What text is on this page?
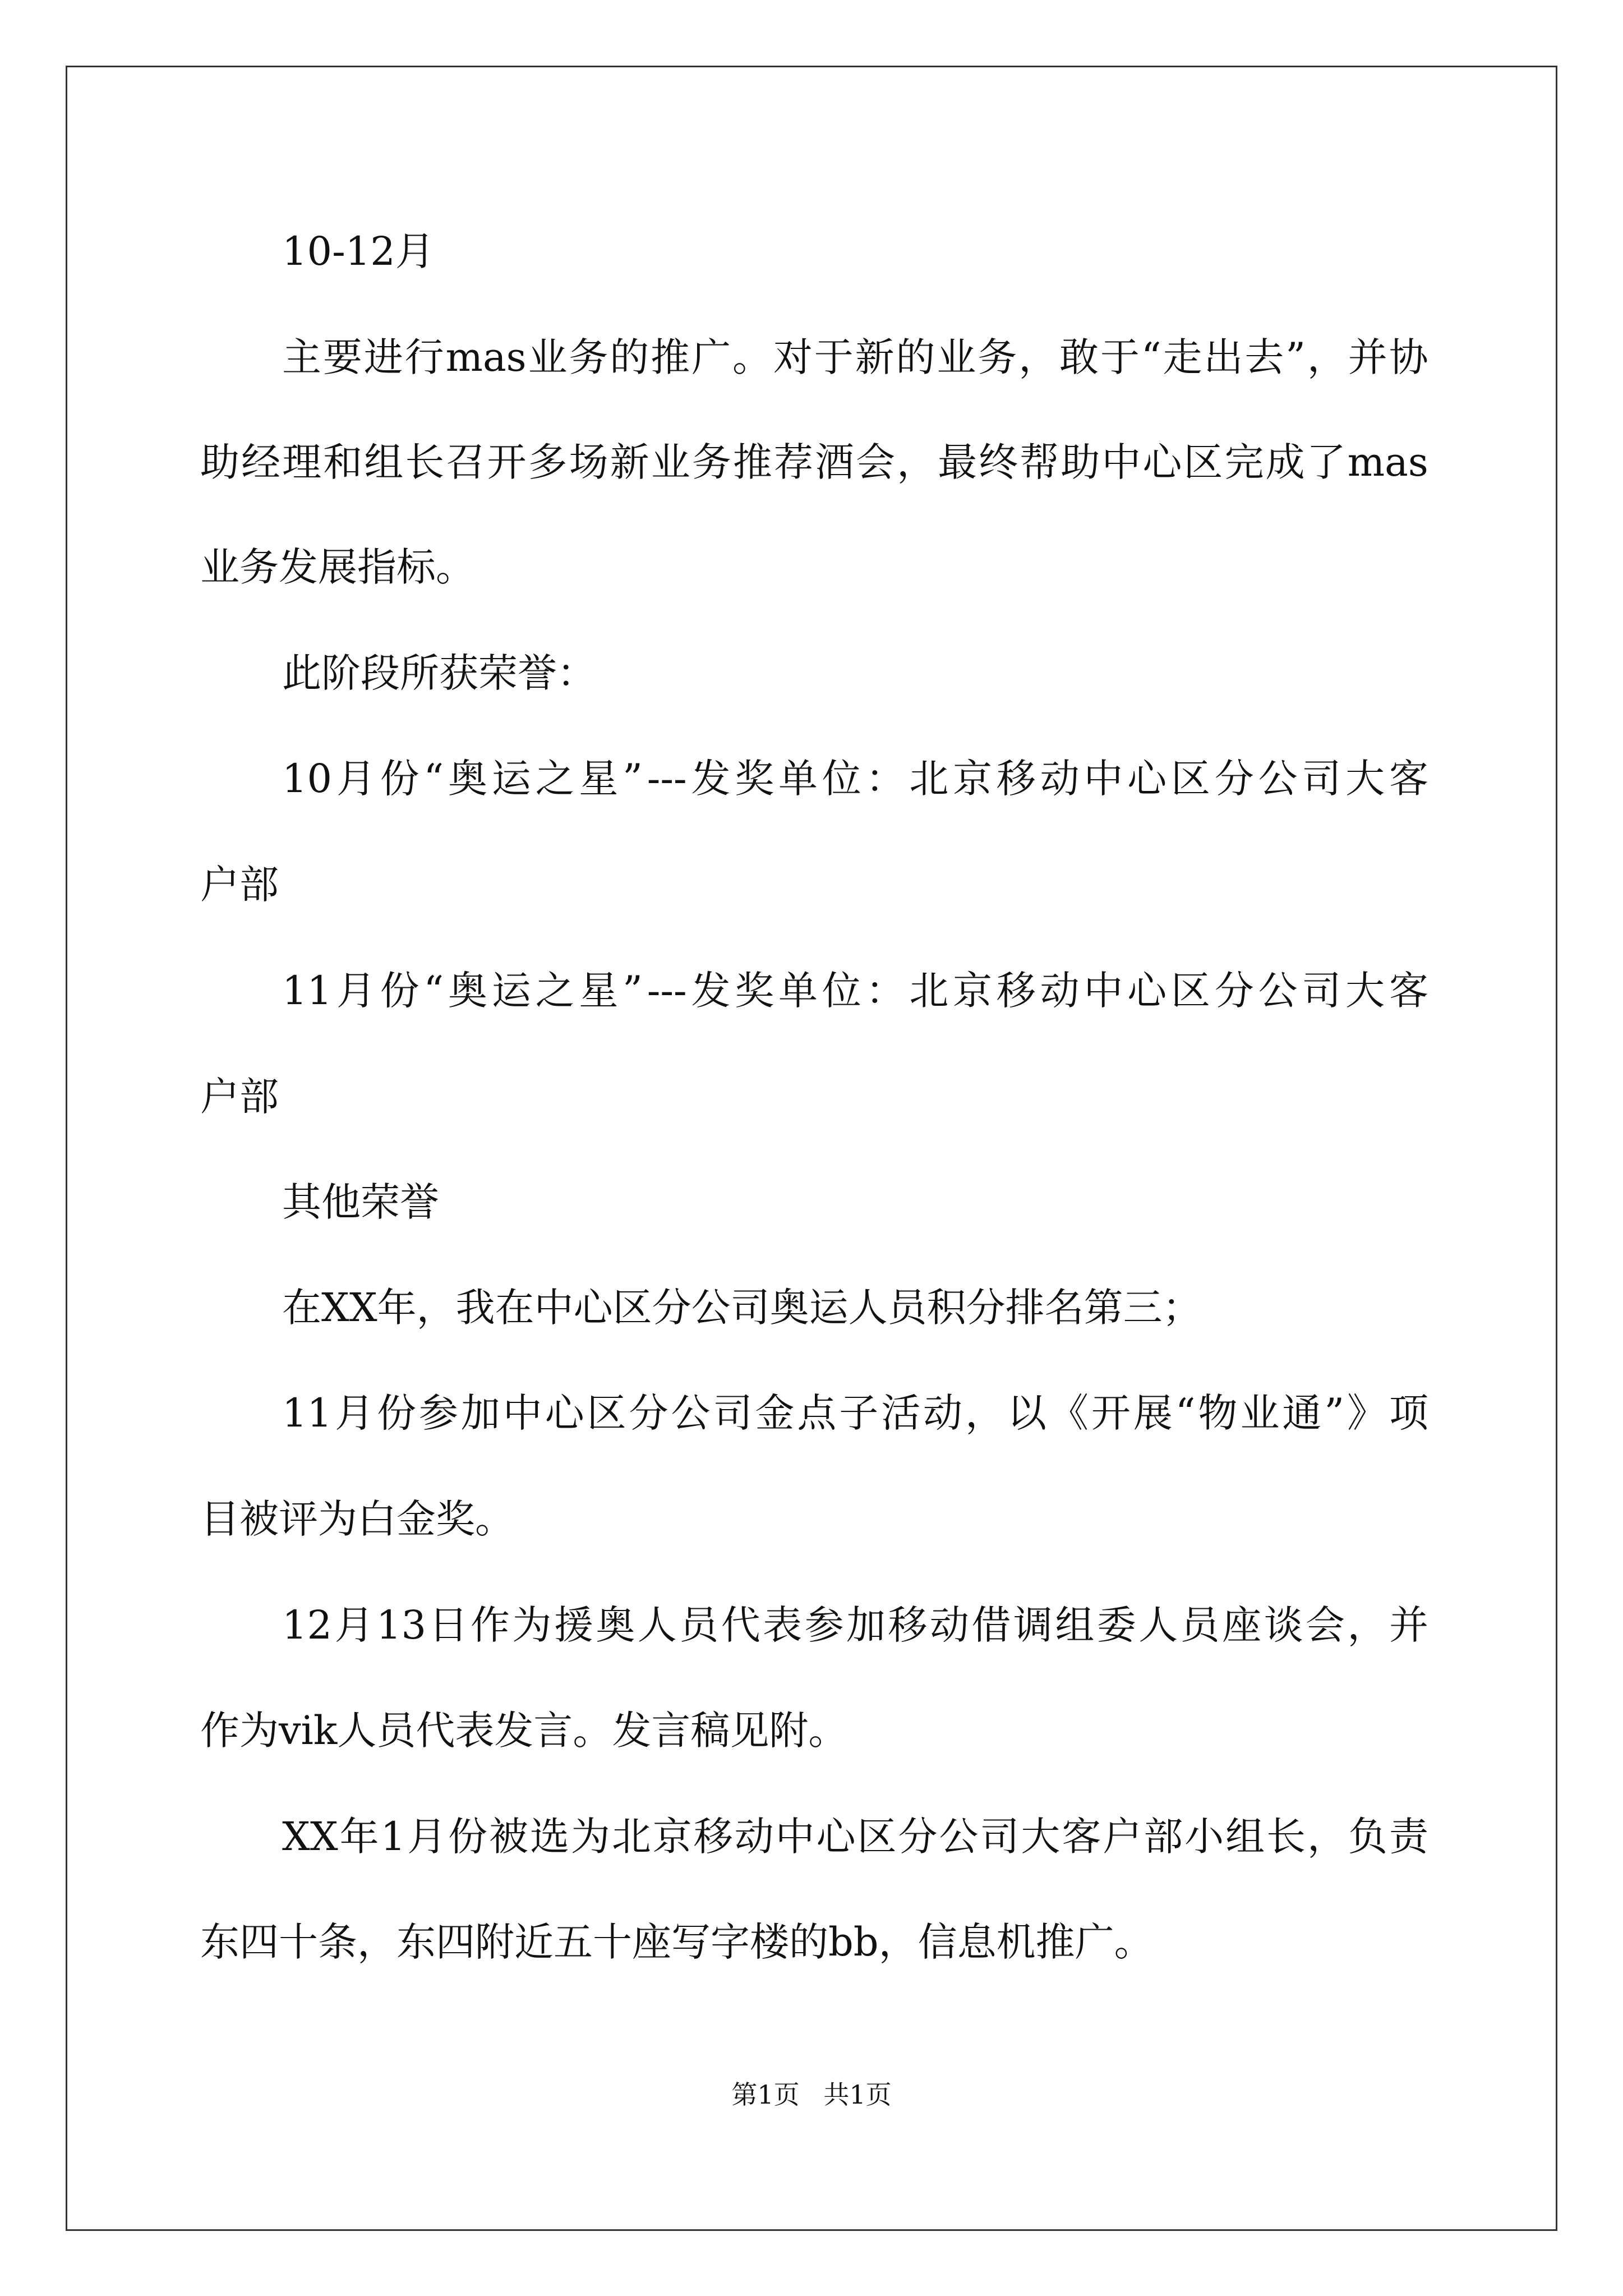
10-12月
主 要 进 行 mas 业 务 的 推 广 。 对 于 新 的 业 务 ， 敢 于 “ 走 出 去 ” ， 并 协
助 经 理 和 组 长 召 开 多 场 新 业 务 推 荐 酒 会 ， 最 终 帮 助 中 心 区 完 成 了 mas
业务发展指标。
此阶段所获荣誉：
10 月 份 “ 奥 运 之 星 ” --- 发 奖 单 位 ： 北 京 移 动 中 心 区 分 公 司 大 客
户部
11 月 份 “ 奥 运 之 星 ” --- 发 奖 单 位 ： 北 京 移 动 中 心 区 分 公 司 大 客
户部
其他荣誉
在XX年，我在中心区分公司奥运人员积分排名第三；
11 月 份 参 加 中 心 区 分 公 司 金 点 子 活 动 ， 以 《 开 展 “ 物 业 通 ” 》 项
目被评为白金奖。
12 月 13 日 作 为 援 奥 人 员 代 表 参 加 移 动 借 调 组 委 人 员 座 谈 会 ， 并
作为vik人员代表发言。发言稿见附。
XX 年 1 月 份 被 选 为 北 京 移 动 中 心 区 分 公 司 大 客 户 部 小 组 长 ， 负 责
东四十条，东四附近五十座写字楼的bb，信息机推广。
第1页 共1页
